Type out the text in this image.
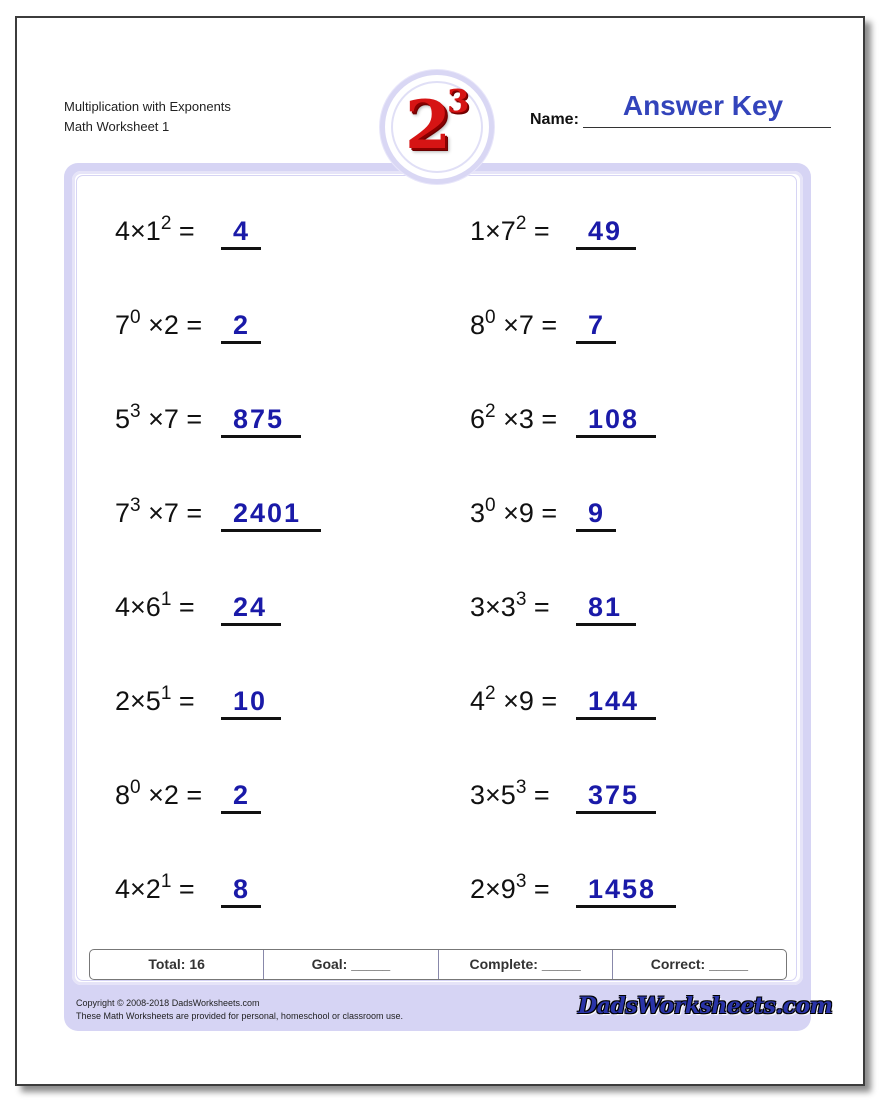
Multiplication with Exponents
Math Worksheet 1	Name:	Answer Key
2
3
$4\times 1^2$ =	4	$1\times 7^2$ =	49
$7^0 \times 2 = 2$	$8^0 \times 7 = 7$
$5^3 \times 7 = 875$	$6^2 \times 3 = 108$
$7^3 \times 7 = 2401$	$3^0 \times 9 = 9$
$4\times 6^1$ =	24	$3\times 3^3$ =	81
$2\times 5^1$ =	10	$4^2 \times 9 = 144$
$8^0 \times 2 = 2$	$3\times 5^3$ =	375
$4\times 2^1$ =	8	$2\times 9^3$ =	1458
Total: 16	Goal: _____	Complete: _____	Correct: _____
Copyright © 2008-2018 DadsWorksheets.com
These Math Worksheets are provided for personal, homeschool or classroom use.	DadsWorksheets.com
